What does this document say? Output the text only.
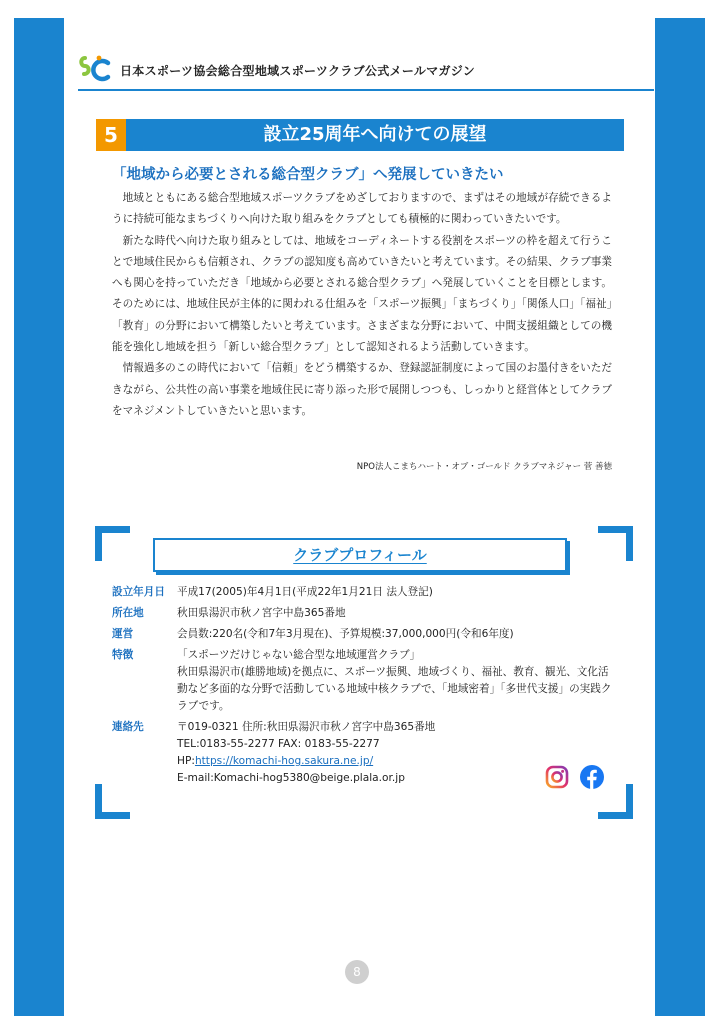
日本スポーツ協会総合型地域スポーツクラブ公式メールマガジン
5	設立25周年へ向けての展望
「地域から必要とされる総合型クラブ」へ発展していきたい

地域とともにある総合型地域スポーツクラブをめざしておりますので、まずはその地域が存続できるように持続可能なまちづくりへ向けた取り組みをクラブとしても積極的に関わっていきたいです。

新たな時代へ向けた取り組みとしては、地域をコーディネートする役割をスポーツの枠を超えて行うことで地域住民からも信頼され、クラブの認知度も高めていきたいと考えています。その結果、クラブ事業へも関心を持っていただき「地域から必要とされる総合型クラブ」へ発展していくことを目標とします。そのためには、地域住民が主体的に関われる仕組みを「スポーツ振興」「まちづくり」「関係人口」「福祉」「教育」の分野において構築したいと考えています。さまざまな分野において、中間支援組織としての機能を強化し地域を担う「新しい総合型クラブ」として認知されるよう活動していきます。

情報過多のこの時代において「信頼」をどう構築するか、登録認証制度によって国のお墨付きをいただきながら、公共性の高い事業を地域住民に寄り添った形で展開しつつも、しっかりと経営体としてクラブをマネジメントしていきたいと思います。

NPO法人こまちハート・オブ・ゴールド クラブマネジャー 菅 善徳
クラブプロフィール
設立年月日 平成17(2005)年4月1日(平成22年1月21日 法人登記)
所在地	秋田県湯沢市秋ノ宮字中島365番地
運営	会員数:220名(令和7年3月現在)、予算規模:37,000,000円(令和6年度)
特徴	「スポーツだけじゃない総合型な地域運営クラブ」
秋田県湯沢市(雄勝地域)を拠点に、スポーツ振興、地域づくり、福祉、教育、観光、文化活動など多面的な分野で活動している地域中核クラブで、「地域密着」「多世代支援」の実践クラブです。
連絡先	〒019-0321 住所:秋田県湯沢市秋ノ宮字中島365番地
TEL:0183-55-2277 FAX: 0183-55-2277
HP:https://komachi-hog.sakura.ne.jp/
E-mail:Komachi-hog5380@beige.plala.or.jp
8
